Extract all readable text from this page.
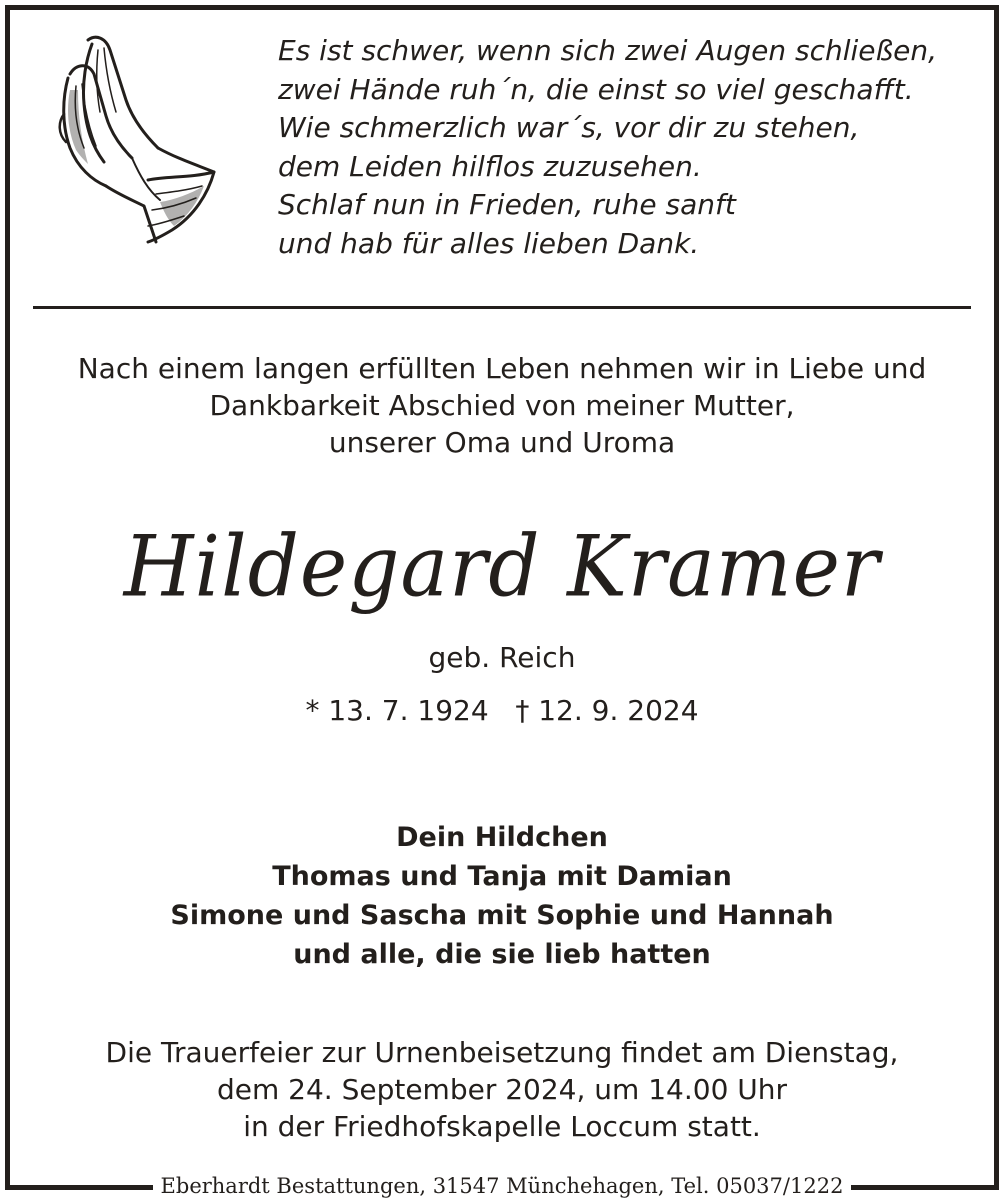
Es ist schwer, wenn sich zwei Augen schließen,
zwei Hände ruh´n, die einst so viel geschafft.
Wie schmerzlich war´s, vor dir zu stehen,
dem Leiden hilflos zuzusehen.
Schlaf nun in Frieden, ruhe sanft
und hab für alles lieben Dank.
Nach einem langen erfüllten Leben nehmen wir in Liebe und
Dankbarkeit Abschied von meiner Mutter,
unserer Oma und Uroma
Hildegard Kramer
geb. Reich
* 13. 7. 1924   † 12. 9. 2024
Dein Hildchen
Thomas und Tanja mit Damian
Simone und Sascha mit Sophie und Hannah
und alle, die sie lieb hatten
Die Trauerfeier zur Urnenbeisetzung findet am Dienstag,
dem 24. September 2024, um 14.00 Uhr
in der Friedhofskapelle Loccum statt.
Eberhardt Bestattungen, 31547 Münchehagen, Tel. 05037/1222
